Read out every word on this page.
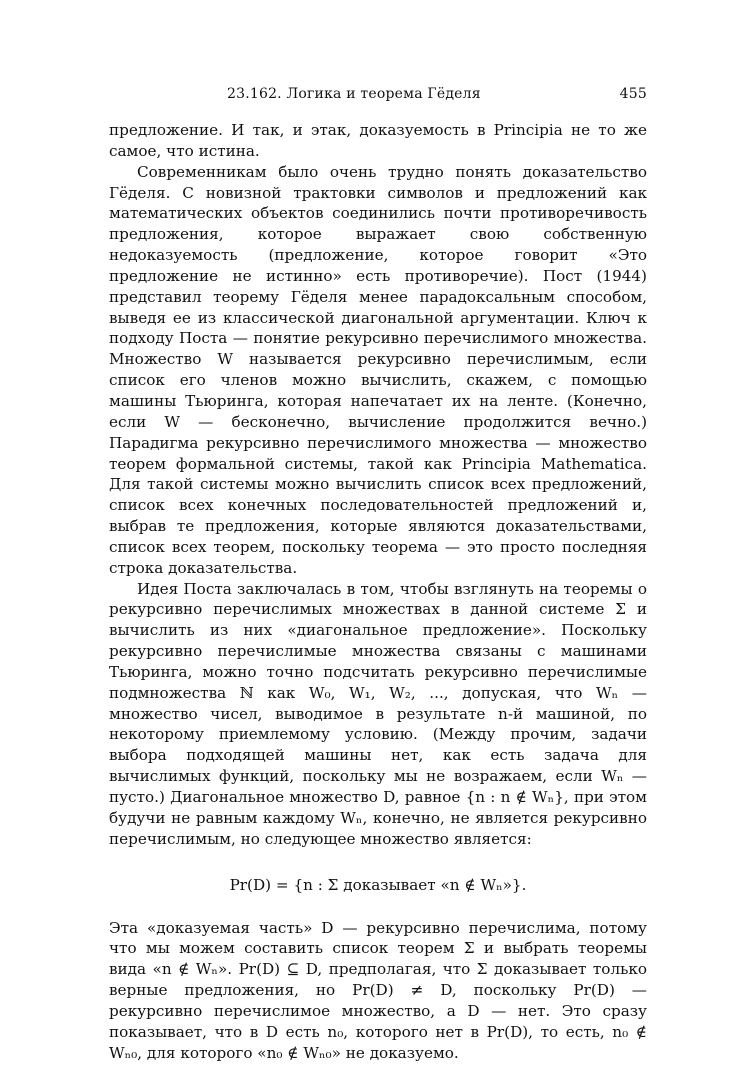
23.162. Логика и теорема Гёделя	455

предложение. И так, и этак, доказуемость в Principia не то же самое, что истина.

Современникам было очень трудно понять доказательство Гёделя. С новизной трактовки символов и предложений как математических объектов соединились почти противоречивость предложения, которое выражает свою собственную недоказуемость (предложение, которое говорит «Это предложение не истинно» есть противоречие). Пост (1944) представил теорему Гёделя менее парадоксальным способом, выведя ее из классической диагональной аргументации. Ключ к подходу Поста — понятие рекурсивно перечислимого множества. Множество W называется рекурсивно перечислимым, если список его членов можно вычислить, скажем, с помощью машины Тьюринга, которая напечатает их на ленте. (Конечно, если W — бесконечно, вычисление продолжится вечно.) Парадигма рекурсивно перечислимого множества — множество теорем формальной системы, такой как Principia Mathematica. Для такой системы можно вычислить список всех предложений, список всех конечных последовательностей предложений и, выбрав те предложения, которые являются доказательствами, список всех теорем, поскольку теорема — это просто последняя строка доказательства.

Идея Поста заключалась в том, чтобы взглянуть на теоремы о рекурсивно перечислимых множествах в данной системе Σ и вычислить из них «диагональное предложение». Поскольку рекурсивно перечислимые множества связаны с машинами Тьюринга, можно точно подсчитать рекурсивно перечислимые подмножества ℕ как W₀, W₁, W₂, ..., допуская, что Wₙ — множество чисел, выводимое в результате n-й машиной, по некоторому приемлемому условию. (Между прочим, задачи выбора подходящей машины нет, как есть задача для вычислимых функций, поскольку мы не возражаем, если Wₙ — пусто.) Диагональное множество D, равное {n : n ∉ Wₙ}, при этом будучи не равным каждому Wₙ, конечно, не является рекурсивно перечислимым, но следующее множество является:

Pr(D) = {n : Σ доказывает «n ∉ Wₙ»}.

Эта «доказуемая часть» D — рекурсивно перечислима, потому что мы можем составить список теорем Σ и выбрать теоремы вида «n ∉ Wₙ». Pr(D) ⊆ D, предполагая, что Σ доказывает только верные предложения, но Pr(D) ≠ D, поскольку Pr(D) — рекурсивно перечислимое множество, а D — нет. Это сразу показывает, что в D есть n₀, которого нет в Pr(D), то есть, n₀ ∉ Wₙ₀, для которого «n₀ ∉ Wₙ₀» не доказуемо.
